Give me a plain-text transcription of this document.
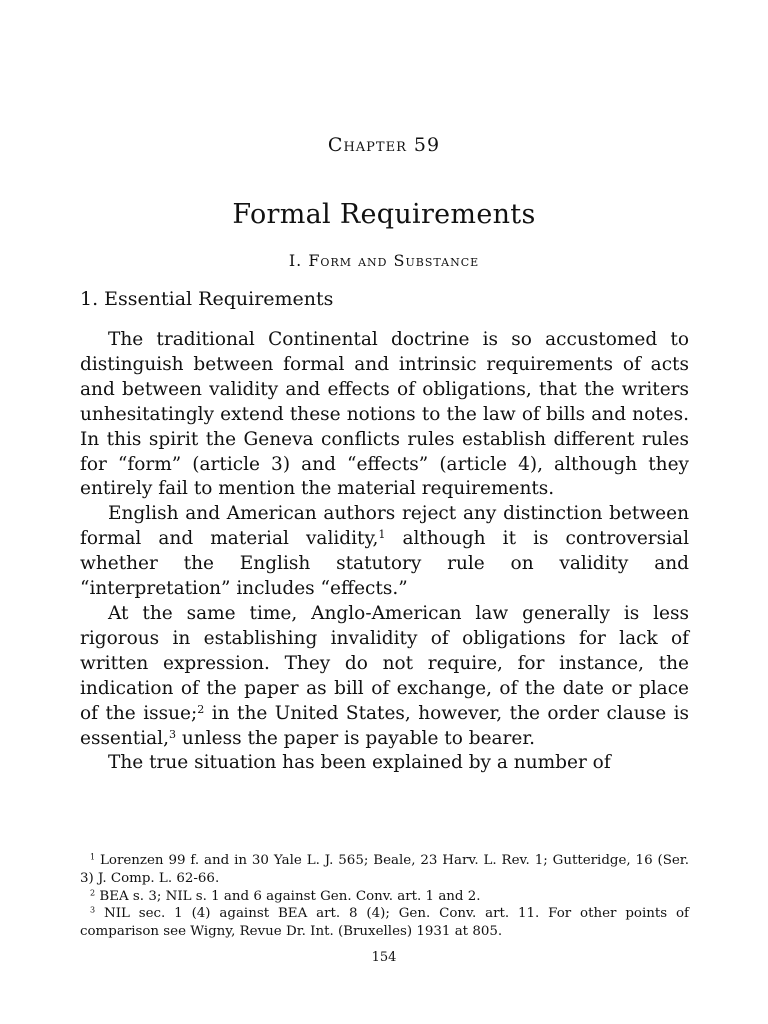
Chapter 59
Formal Requirements
I. Form and Substance
1. Essential Requirements

The traditional Continental doctrine is so accustomed to distinguish between formal and intrinsic requirements of acts and between validity and effects of obligations, that the writers unhesitatingly extend these notions to the law of bills and notes. In this spirit the Geneva conflicts rules establish different rules for “form” (article 3) and “effects” (article 4), although they entirely fail to mention the material requirements.

English and American authors reject any distinction between formal and material validity,$^1$ although it is controversial whether the English statutory rule on validity and “interpretation” includes “effects.”

At the same time, Anglo-American law generally is less rigorous in establishing invalidity of obligations for lack of written expression. They do not require, for instance, the indication of the paper as bill of exchange, of the date or place of the issue;$^2$ in the United States, however, the order clause is essential,$^3$ unless the paper is payable to bearer.

The true situation has been explained by a number of

$^1$ Lorenzen 99 f. and in 30 Yale L. J. 565; Beale, 23 Harv. L. Rev. 1; Gutteridge, 16 (Ser. 3) J. Comp. L. 62-66.

$^2$ BEA s. 3; NIL s. 1 and 6 against Gen. Conv. art. 1 and 2.

$^3$ NIL sec. 1 (4) against BEA art. 8 (4); Gen. Conv. art. 11. For other points of comparison see Wigny, Revue Dr. Int. (Bruxelles) 1931 at 805.

154
